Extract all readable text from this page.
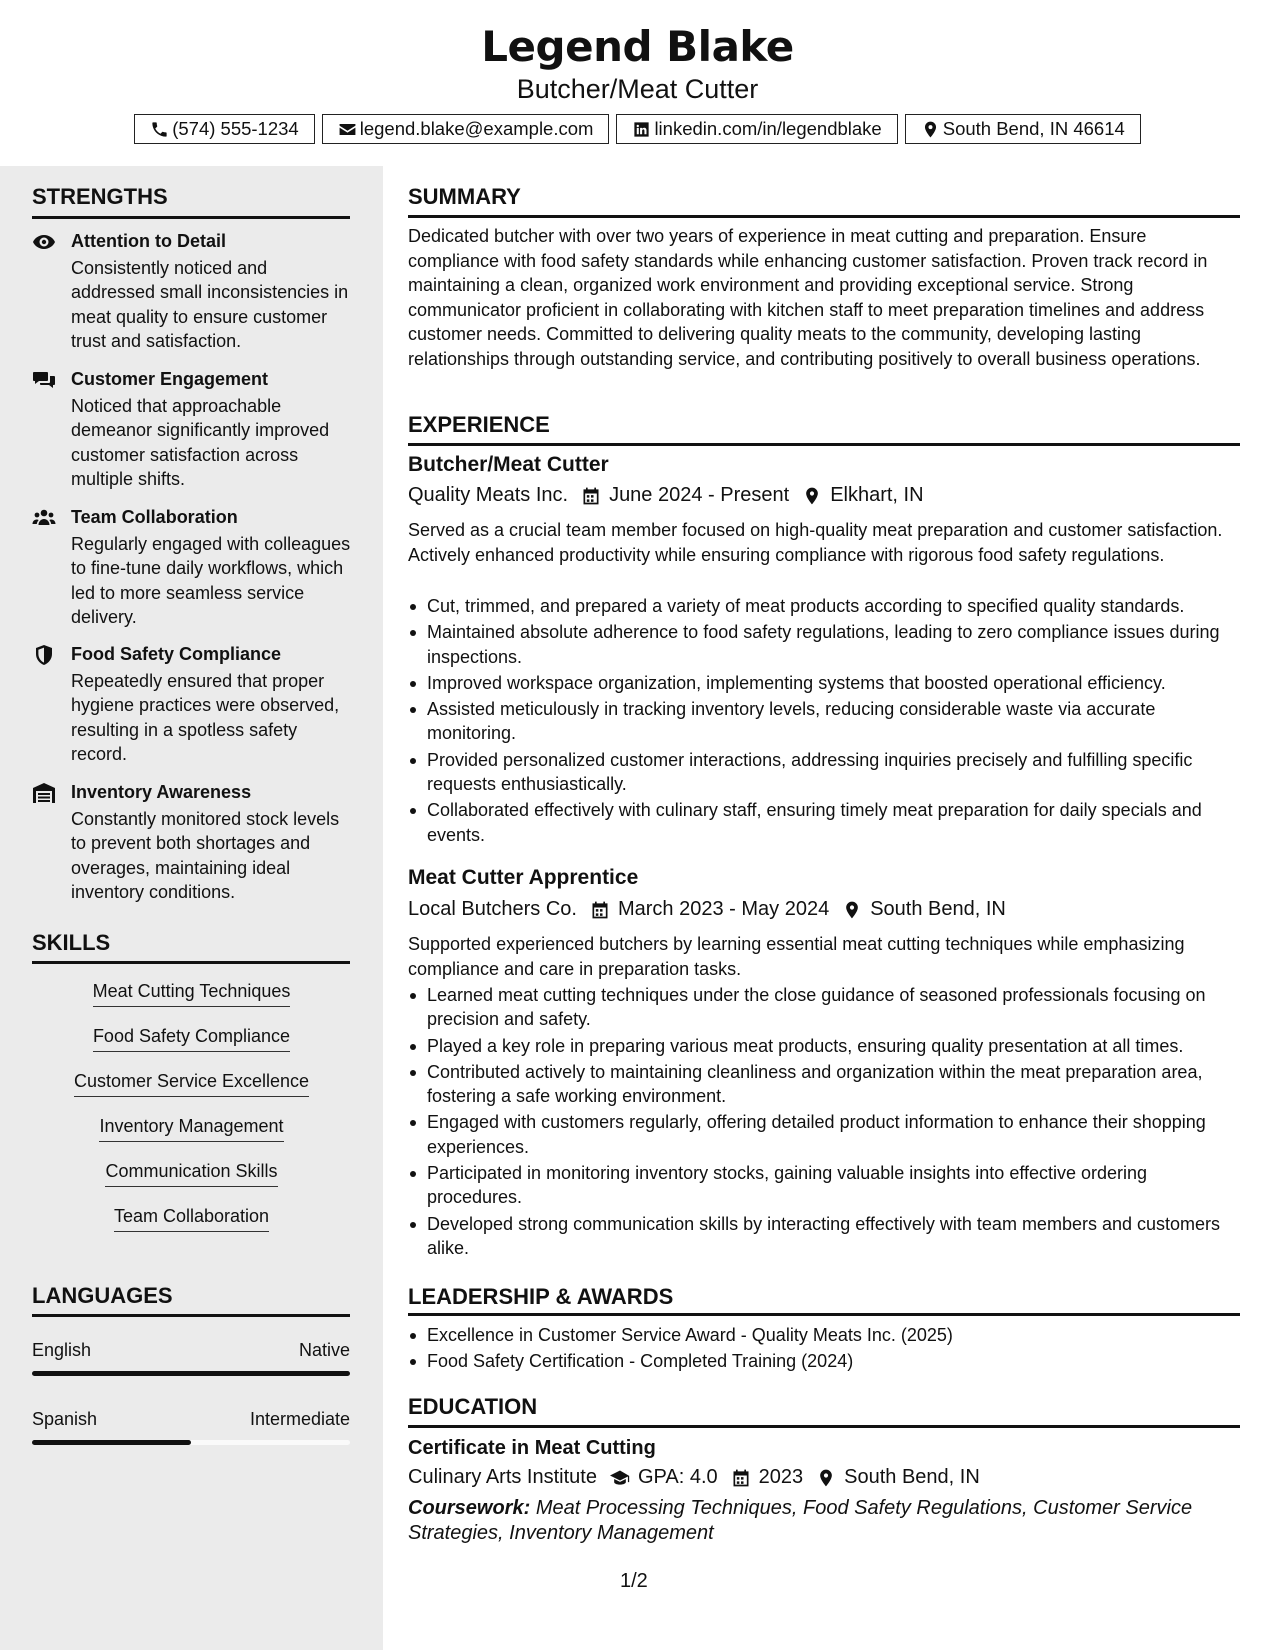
Legend Blake
Butcher/Meat Cutter
(574) 555-1234	legend.blake@example.com	linkedin.com/in/legendblake	South Bend, IN 46614
STRENGTHS
Attention to Detail
Consistently noticed and addressed small inconsistencies in meat quality to ensure customer trust and satisfaction.
Customer Engagement
Noticed that approachable demeanor significantly improved customer satisfaction across multiple shifts.
Team Collaboration
Regularly engaged with colleagues to fine-tune daily workflows, which led to more seamless service delivery.
Food Safety Compliance
Repeatedly ensured that proper hygiene practices were observed, resulting in a spotless safety record.
Inventory Awareness
Constantly monitored stock levels to prevent both shortages and overages, maintaining ideal inventory conditions.
SKILLS
Meat Cutting Techniques
Food Safety Compliance
Customer Service Excellence
Inventory Management
Communication Skills
Team Collaboration
LANGUAGES
English	Native
Spanish	Intermediate
SUMMARY
Dedicated butcher with over two years of experience in meat cutting and preparation. Ensure compliance with food safety standards while enhancing customer satisfaction. Proven track record in maintaining a clean, organized work environment and providing exceptional service. Strong communicator proficient in collaborating with kitchen staff to meet preparation timelines and address customer needs. Committed to delivering quality meats to the community, developing lasting relationships through outstanding service, and contributing positively to overall business operations.
EXPERIENCE
Butcher/Meat Cutter
Quality Meats Inc. June 2024 - Present Elkhart, IN
Served as a crucial team member focused on high-quality meat preparation and customer satisfaction. Actively enhanced productivity while ensuring compliance with rigorous food safety regulations.
Cut, trimmed, and prepared a variety of meat products according to specified quality standards.
Maintained absolute adherence to food safety regulations, leading to zero compliance issues during inspections.
Improved workspace organization, implementing systems that boosted operational efficiency.
Assisted meticulously in tracking inventory levels, reducing considerable waste via accurate monitoring.
Provided personalized customer interactions, addressing inquiries precisely and fulfilling specific requests enthusiastically.
Collaborated effectively with culinary staff, ensuring timely meat preparation for daily specials and events.
Meat Cutter Apprentice
Local Butchers Co. March 2023 - May 2024 South Bend, IN
Supported experienced butchers by learning essential meat cutting techniques while emphasizing compliance and care in preparation tasks.
Learned meat cutting techniques under the close guidance of seasoned professionals focusing on precision and safety.
Played a key role in preparing various meat products, ensuring quality presentation at all times.
Contributed actively to maintaining cleanliness and organization within the meat preparation area, fostering a safe working environment.
Engaged with customers regularly, offering detailed product information to enhance their shopping experiences.
Participated in monitoring inventory stocks, gaining valuable insights into effective ordering procedures.
Developed strong communication skills by interacting effectively with team members and customers alike.
LEADERSHIP & AWARDS
Excellence in Customer Service Award - Quality Meats Inc. (2025)
Food Safety Certification - Completed Training (2024)
EDUCATION
Certificate in Meat Cutting
Culinary Arts Institute GPA: 4.0 2023 South Bend, IN
Coursework: Meat Processing Techniques, Food Safety Regulations, Customer Service Strategies, Inventory Management
1/2
